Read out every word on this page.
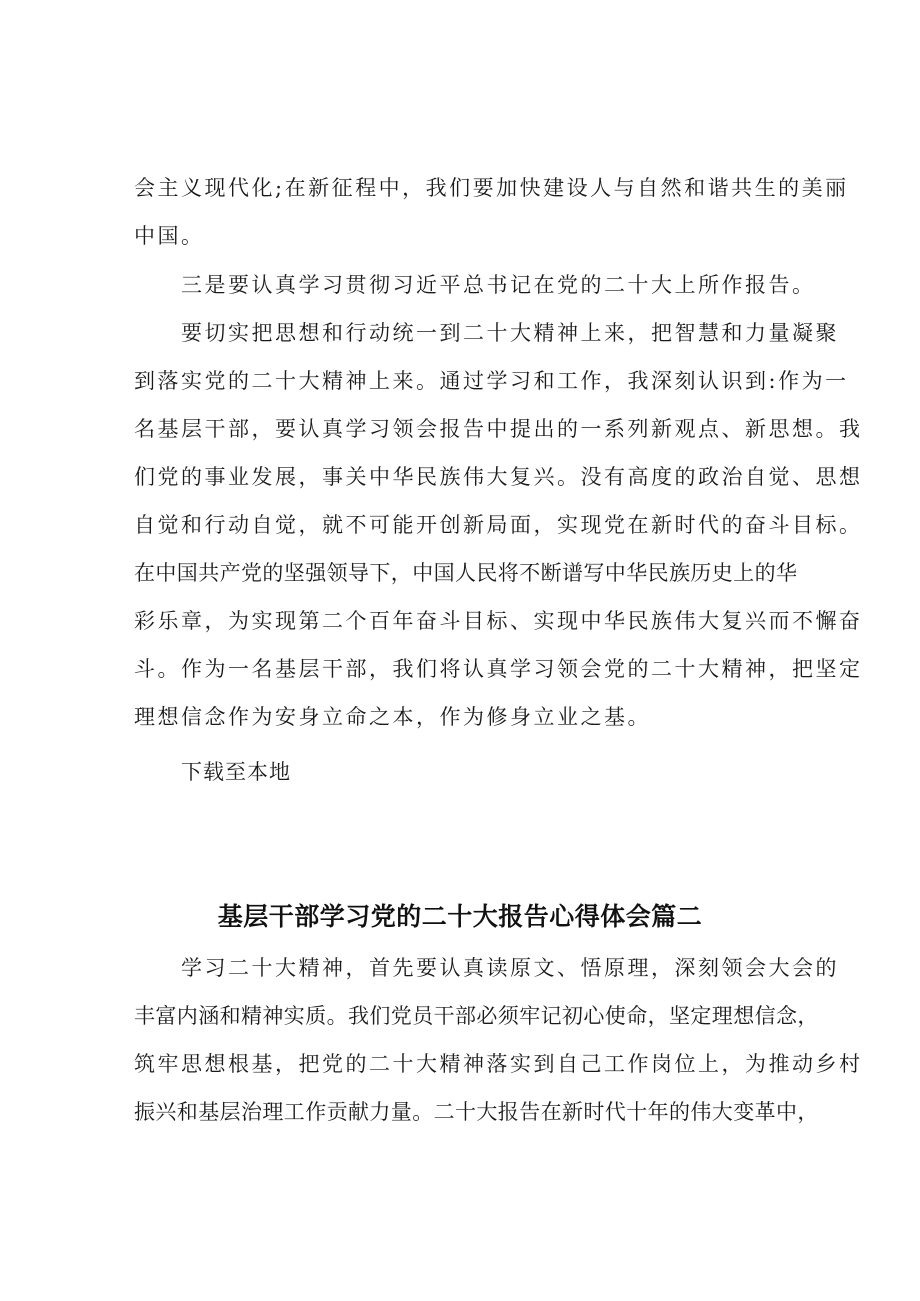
会主义现代化;在新征程中，我们要加快建设人与自然和谐共生的美丽
中国。
三是要认真学习贯彻习近平总书记在党的二十大上所作报告。
要切实把思想和行动统一到二十大精神上来，把智慧和力量凝聚
到落实党的二十大精神上来。通过学习和工作，我深刻认识到:作为一
名基层干部，要认真学习领会报告中提出的一系列新观点、新思想。我
们党的事业发展，事关中华民族伟大复兴。没有高度的政治自觉、思想
自觉和行动自觉，就不可能开创新局面，实现党在新时代的奋斗目标。
在中国共产党的坚强领导下，中国人民将不断谱写中华民族历史上的华
彩乐章，为实现第二个百年奋斗目标、实现中华民族伟大复兴而不懈奋
斗。作为一名基层干部，我们将认真学习领会党的二十大精神，把坚定
理想信念作为安身立命之本，作为修身立业之基。
下载至本地
基层干部学习党的二十大报告心得体会篇二
学习二十大精神，首先要认真读原文、悟原理，深刻领会大会的
丰富内涵和精神实质。我们党员干部必须牢记初心使命，坚定理想信念，
筑牢思想根基，把党的二十大精神落实到自己工作岗位上，为推动乡村
振兴和基层治理工作贡献力量。二十大报告在新时代十年的伟大变革中，
